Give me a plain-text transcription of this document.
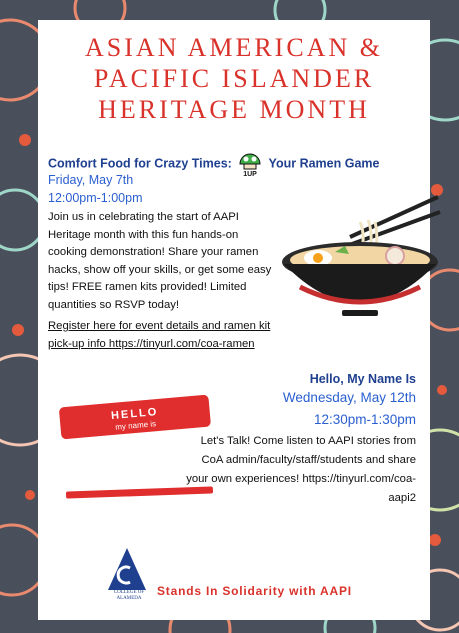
ASIAN AMERICAN &
PACIFIC ISLANDER
HERITAGE MONTH
Comfort Food for Crazy Times:
1UP
Your Ramen Game
Friday, May 7th
12:00pm-1:00pm
Join us in celebrating the start of AAPI Heritage month with this fun hands-on cooking demonstration! Share your ramen hacks, show off your skills, or get some easy tips! FREE ramen kits provided! Limited quantities so RSVP today!
Register here for event details and ramen kit pick-up info https://tinyurl.com/coa-ramen
HELLO
my name is
Hello, My Name Is
Wednesday, May 12th
12:30pm-1:30pm
Let's Talk! Come listen to AAPI stories from CoA admin/faculty/staff/students and share your own experiences! https://tinyurl.com/coa-aapi2
COLLEGE OF ALAMEDA
Stands In Solidarity with AAPI
